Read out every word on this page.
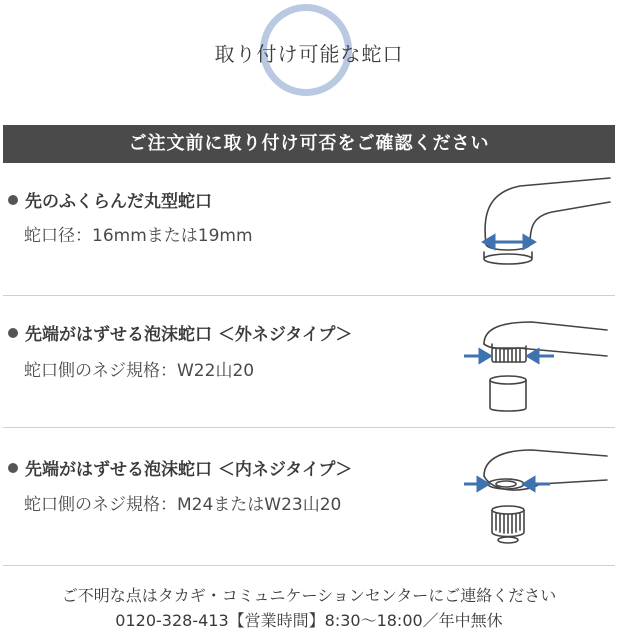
取り付け可能な蛇口
ご注文前に取り付け可否をご確認ください
先のふくらんだ丸型蛇口
蛇口径：16mmまたは19mm
先端がはずせる泡沫蛇口 ＜外ネジタイプ＞
蛇口側のネジ規格：W22山20
先端がはずせる泡沫蛇口 ＜内ネジタイプ＞
蛇口側のネジ規格：M24またはW23山20
ご不明な点はタカギ・コミュニケーションセンターにご連絡ください
0120-328-413【営業時間】8:30～18:00／年中無休
